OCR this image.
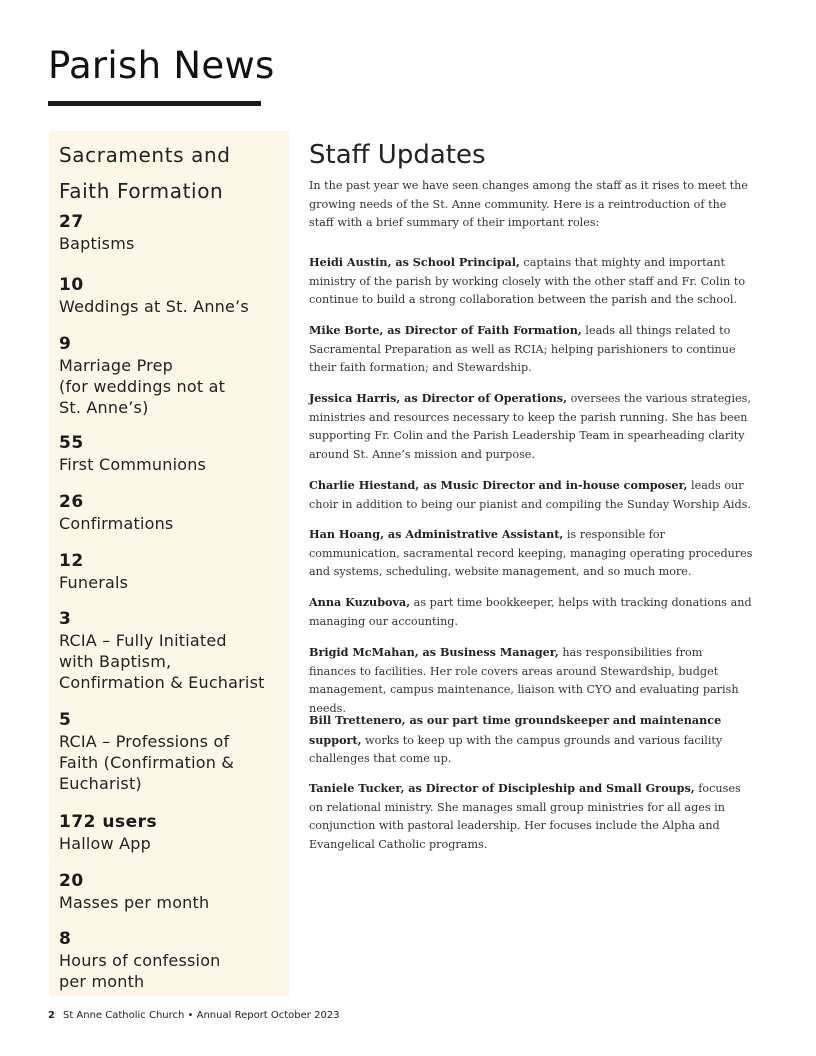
Parish News
Sacraments and
Faith Formation
27
Baptisms
10
Weddings at St. Anne’s
9
Marriage Prep
(for weddings not at
St. Anne’s)
55
First Communions
26
Confirmations
12
Funerals
3
RCIA – Fully Initiated
with Baptism,
Confirmation & Eucharist
5
RCIA – Professions of
Faith (Confirmation &
Eucharist)
172 users
Hallow App
20
Masses per month
8
Hours of confession
per month
Staff Updates

In the past year we have seen changes among the staff as it rises to meet the growing needs of the St. Anne community. Here is a reintroduction of the staff with a brief summary of their important roles:

Heidi Austin, as School Principal, captains that mighty and important ministry of the parish by working closely with the other staff and Fr. Colin to continue to build a strong collaboration between the parish and the school.

Mike Borte, as Director of Faith Formation, leads all things related to Sacramental Preparation as well as RCIA; helping parishioners to continue their faith formation; and Stewardship.

Jessica Harris, as Director of Operations, oversees the various strategies, ministries and resources necessary to keep the parish running. She has been supporting Fr. Colin and the Parish Leadership Team in spearheading clarity around St. Anne’s mission and purpose.

Charlie Hiestand, as Music Director and in-house composer, leads our choir in addition to being our pianist and compiling the Sunday Worship Aids.

Han Hoang, as Administrative Assistant, is responsible for communication, sacramental record keeping, managing operating procedures and systems, scheduling, website management, and so much more.

Anna Kuzubova, as part time bookkeeper, helps with tracking donations and managing our accounting.

Brigid McMahan, as Business Manager, has responsibilities from finances to facilities. Her role covers areas around Stewardship, budget management, campus maintenance, liaison with CYO and evaluating parish needs.

Bill Trettenero, as our part time groundskeeper and maintenance support, works to keep up with the campus grounds and various facility challenges that come up.

Taniele Tucker, as Director of Discipleship and Small Groups, focuses on relational ministry. She manages small group ministries for all ages in conjunction with pastoral leadership. Her focuses include the Alpha and Evangelical Catholic programs.

2 St Anne Catholic Church • Annual Report October 2023
